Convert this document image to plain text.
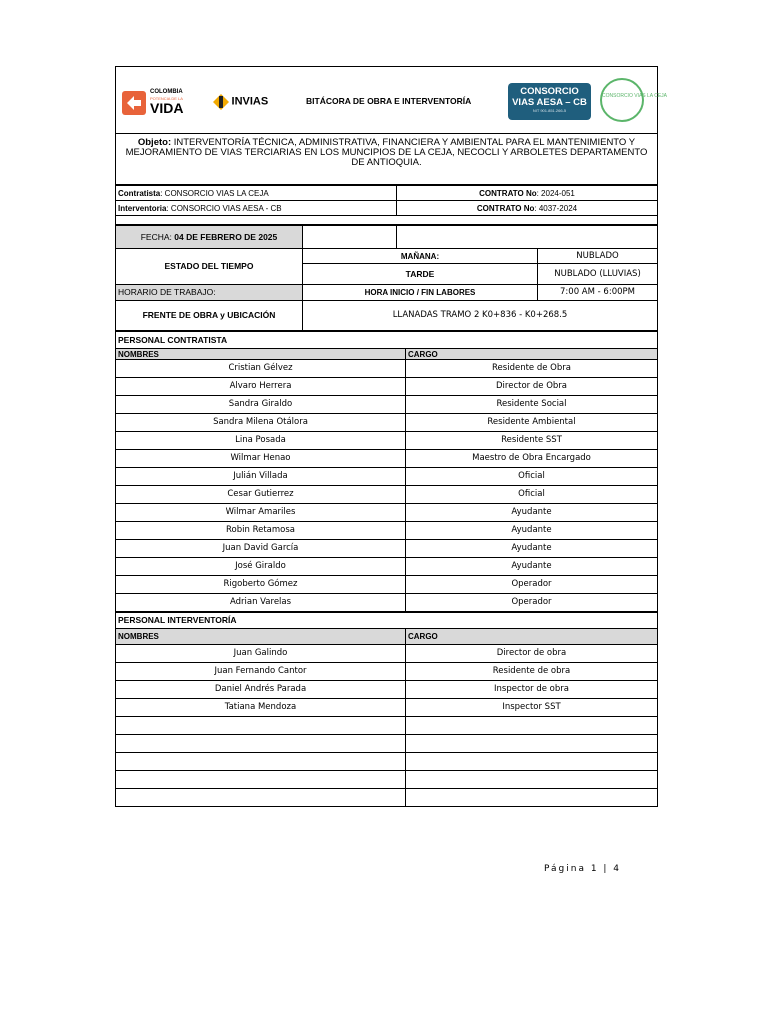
COLOMBIA
POTENCIA DE LA
VIDA	INVIAS	BITÁCORA DE OBRA E INTERVENTORÍA
CONSORCIO
VIAS AESA – CB
NIT 901.851.266-5
CONSORCIO VIAS LA CEJA

Objeto: INTERVENTORÍA TÉCNICA, ADMINISTRATIVA, FINANCIERA Y AMBIENTAL PARA EL MANTENIMIENTO Y MEJORAMIENTO DE VIAS TERCIARIAS EN LOS MUNCIPIOS DE LA CEJA, NECOCLI Y ARBOLETES DEPARTAMENTO DE ANTIOQUIA.
Contratista: CONSORCIO VIAS LA CEJA	CONTRATO No: 2024-051
Interventoria: CONSORCIO VIAS AESA - CB	CONTRATO No: 4037-2024

FECHA: 04 DE FEBRERO DE 2025			
ESTADO DEL TIEMPO	MAÑANA:		NUBLADO
	TARDE		NUBLADO (LLUVIAS)
HORARIO DE TRABAJO:	HORA INICIO / FIN LABORES		7:00 AM - 6:00PM
FRENTE DE OBRA y UBICACIÓN	LLANADAS TRAMO 2 K0+836 - K0+268.5		
PERSONAL CONTRATISTA	
NOMBRES	CARGO
Cristian Gélvez	Residente de Obra
Alvaro Herrera	Director de Obra
Sandra Giraldo	Residente Social
Sandra Milena Otálora	Residente Ambiental
Lina Posada	Residente SST
Wilmar Henao	Maestro de Obra Encargado
Julián Villada	Oficial
Cesar Gutierrez	Oficial
Wilmar Amariles	Ayudante
Robin Retamosa	Ayudante
Juan David García	Ayudante
José Giraldo	Ayudante
Rigoberto Gómez	Operador
Adrian Varelas	Operador
PERSONAL INTERVENTORÍA	
NOMBRES	CARGO
Juan Galindo	Director de obra
Juan Fernando Cantor	Residente de obra
Daniel Andrés Parada	Inspector de obra
Tatiana Mendoza	Inspector SST

Página 1 | 4
